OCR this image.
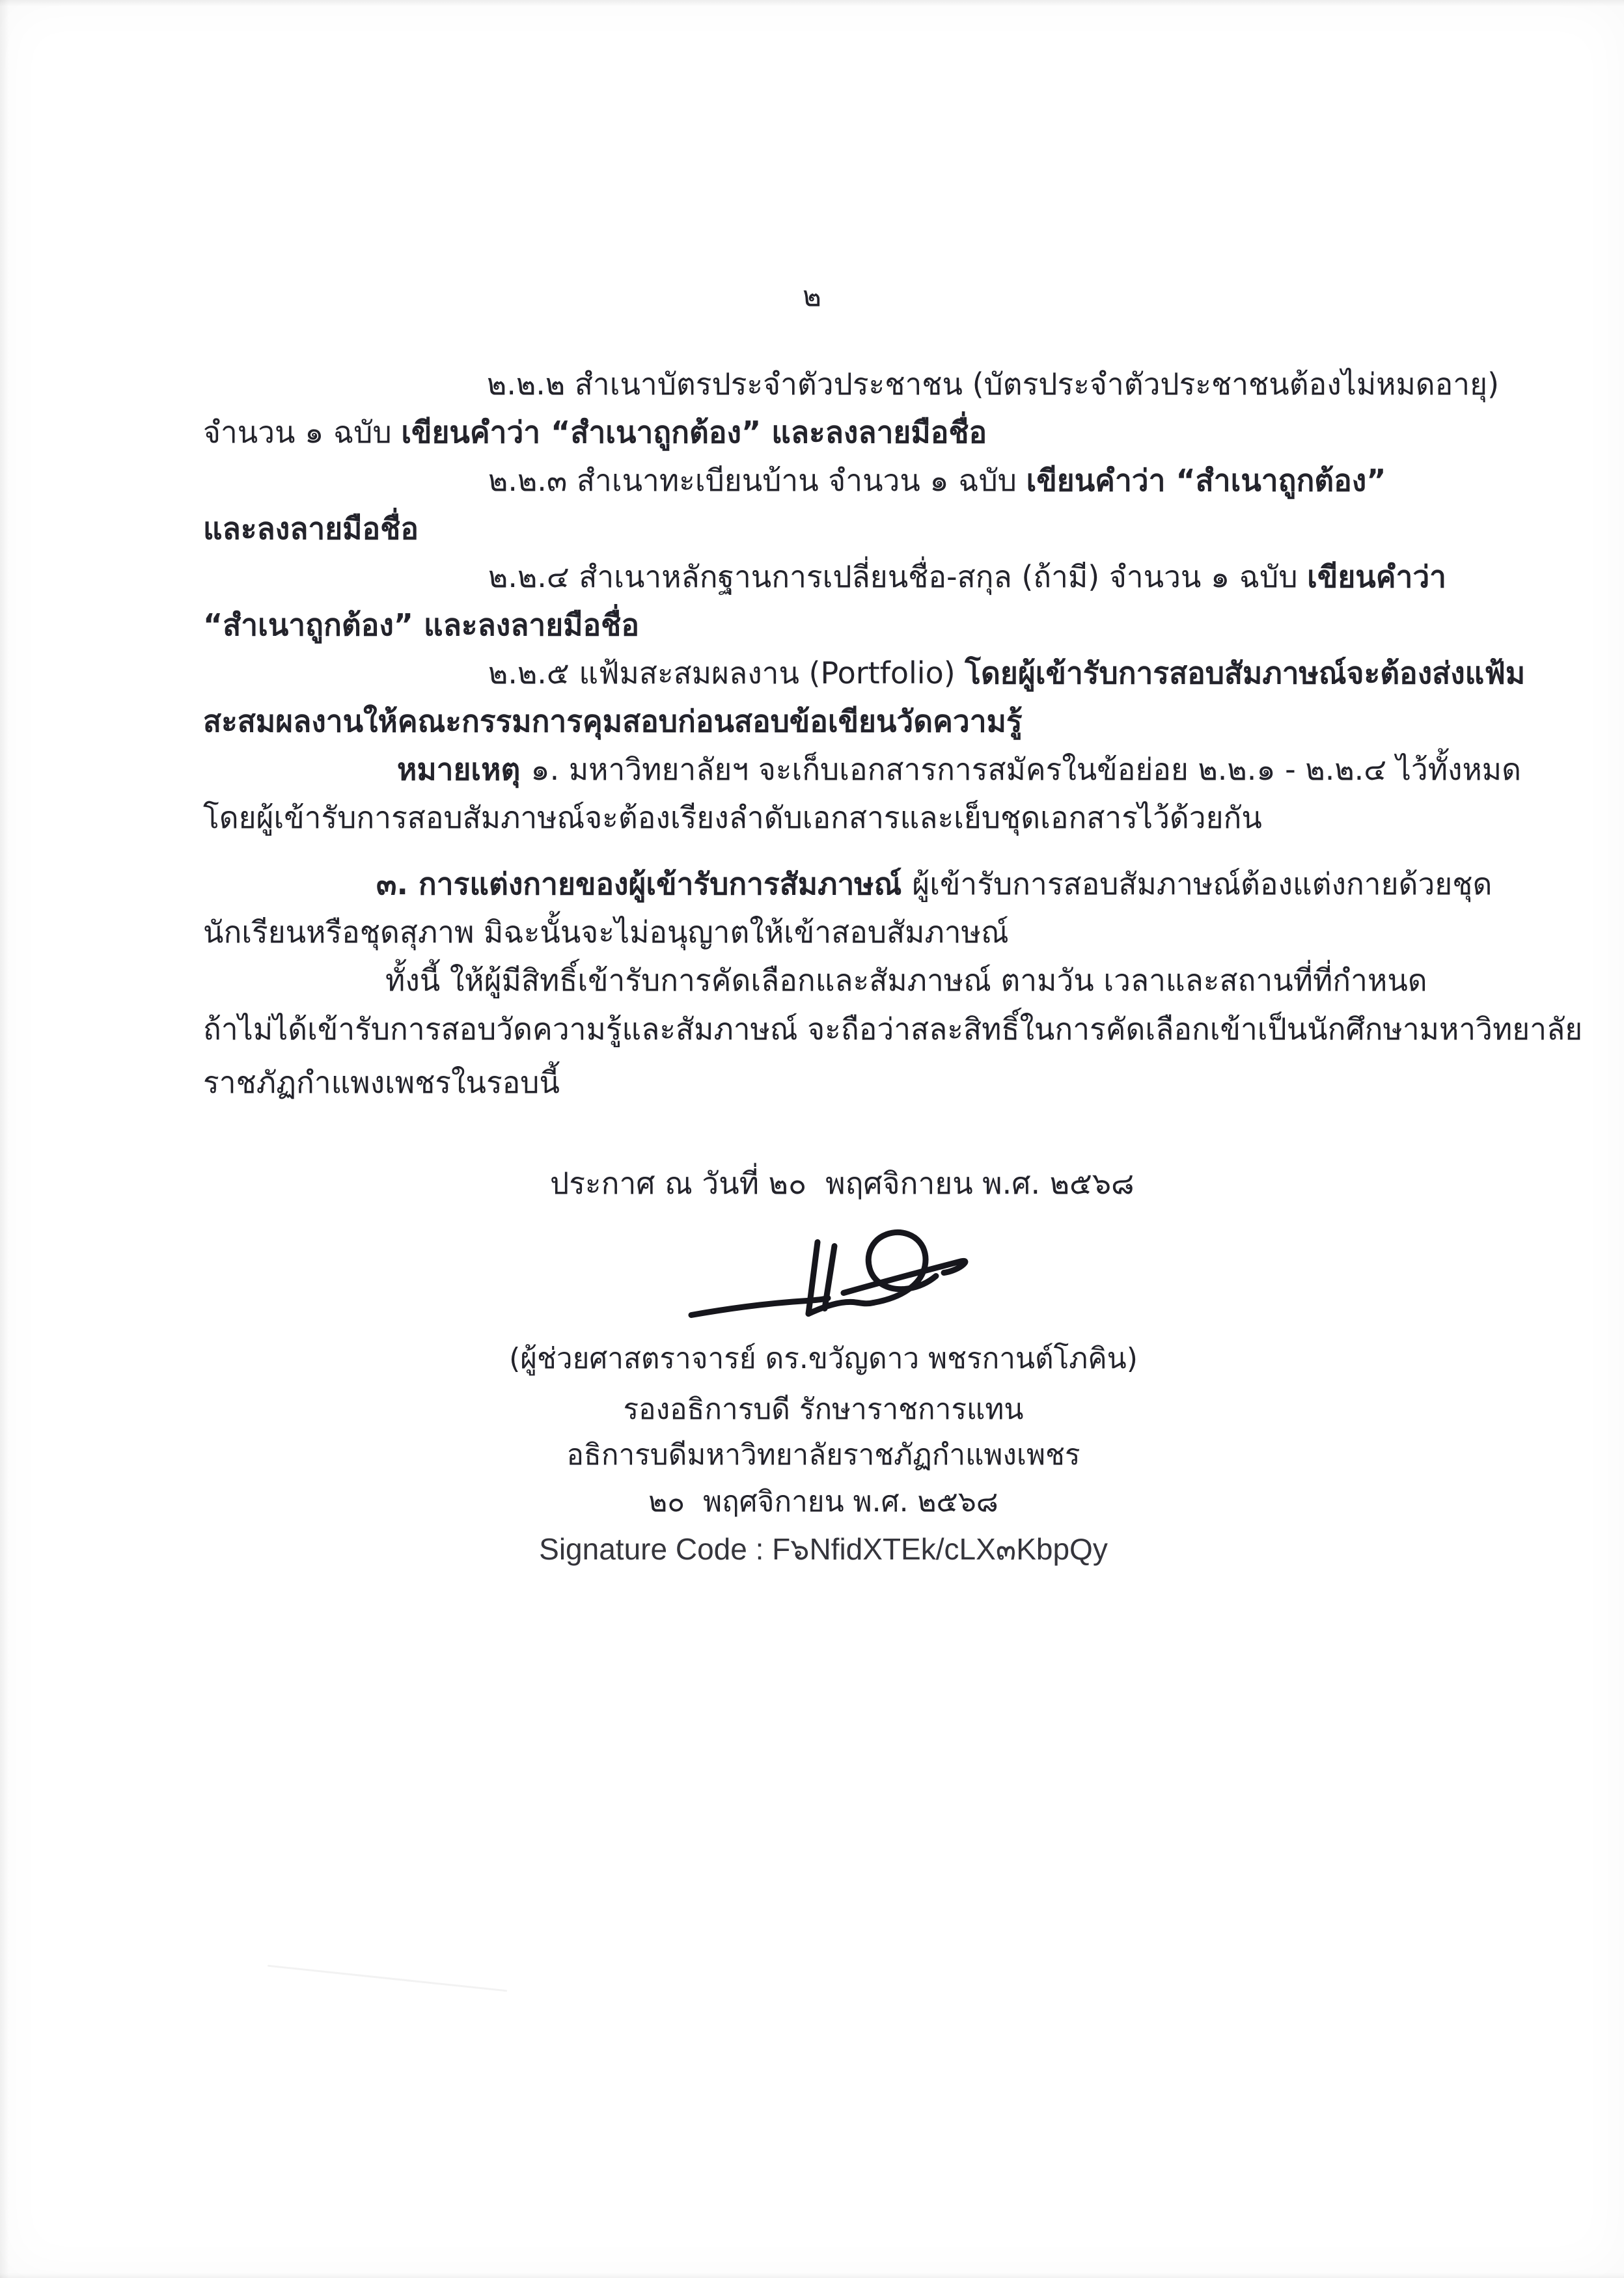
๒
๒.๒.๒ สำเนาบัตรประจำตัวประชาชน (บัตรประจำตัวประชาชนต้องไม่หมดอายุ)
จำนวน ๑ ฉบับ เขียนคำว่า “สำเนาถูกต้อง” และลงลายมือชื่อ
๒.๒.๓ สำเนาทะเบียนบ้าน จำนวน ๑ ฉบับ เขียนคำว่า “สำเนาถูกต้อง”
และลงลายมือชื่อ
๒.๒.๔ สำเนาหลักฐานการเปลี่ยนชื่อ-สกุล (ถ้ามี) จำนวน ๑ ฉบับ เขียนคำว่า
“สำเนาถูกต้อง” และลงลายมือชื่อ
๒.๒.๕ แฟ้มสะสมผลงาน (Portfolio) โดยผู้เข้ารับการสอบสัมภาษณ์จะต้องส่งแฟ้ม
สะสมผลงานให้คณะกรรมการคุมสอบก่อนสอบข้อเขียนวัดความรู้
หมายเหตุ ๑. มหาวิทยาลัยฯ จะเก็บเอกสารการสมัครในข้อย่อย ๒.๒.๑ - ๒.๒.๔ ไว้ทั้งหมด
โดยผู้เข้ารับการสอบสัมภาษณ์จะต้องเรียงลำดับเอกสารและเย็บชุดเอกสารไว้ด้วยกัน
๓. การแต่งกายของผู้เข้ารับการสัมภาษณ์ ผู้เข้ารับการสอบสัมภาษณ์ต้องแต่งกายด้วยชุด
นักเรียนหรือชุดสุภาพ มิฉะนั้นจะไม่อนุญาตให้เข้าสอบสัมภาษณ์
ทั้งนี้ ให้ผู้มีสิทธิ์เข้ารับการคัดเลือกและสัมภาษณ์ ตามวัน เวลาและสถานที่ที่กำหนด
ถ้าไม่ได้เข้ารับการสอบวัดความรู้และสัมภาษณ์ จะถือว่าสละสิทธิ์ในการคัดเลือกเข้าเป็นนักศึกษามหาวิทยาลัย
ราชภัฏกำแพงเพชรในรอบนี้
ประกาศ ณ วันที่ ๒๐  พฤศจิกายน พ.ศ. ๒๕๖๘
(ผู้ช่วยศาสตราจารย์ ดร.ขวัญดาว พชรกานต์โภคิน)
รองอธิการบดี รักษาราชการแทน
อธิการบดีมหาวิทยาลัยราชภัฏกำแพงเพชร
๒๐  พฤศจิกายน พ.ศ. ๒๕๖๘
Signature Code : F๖NfidXTEk/cLX๓KbpQy
